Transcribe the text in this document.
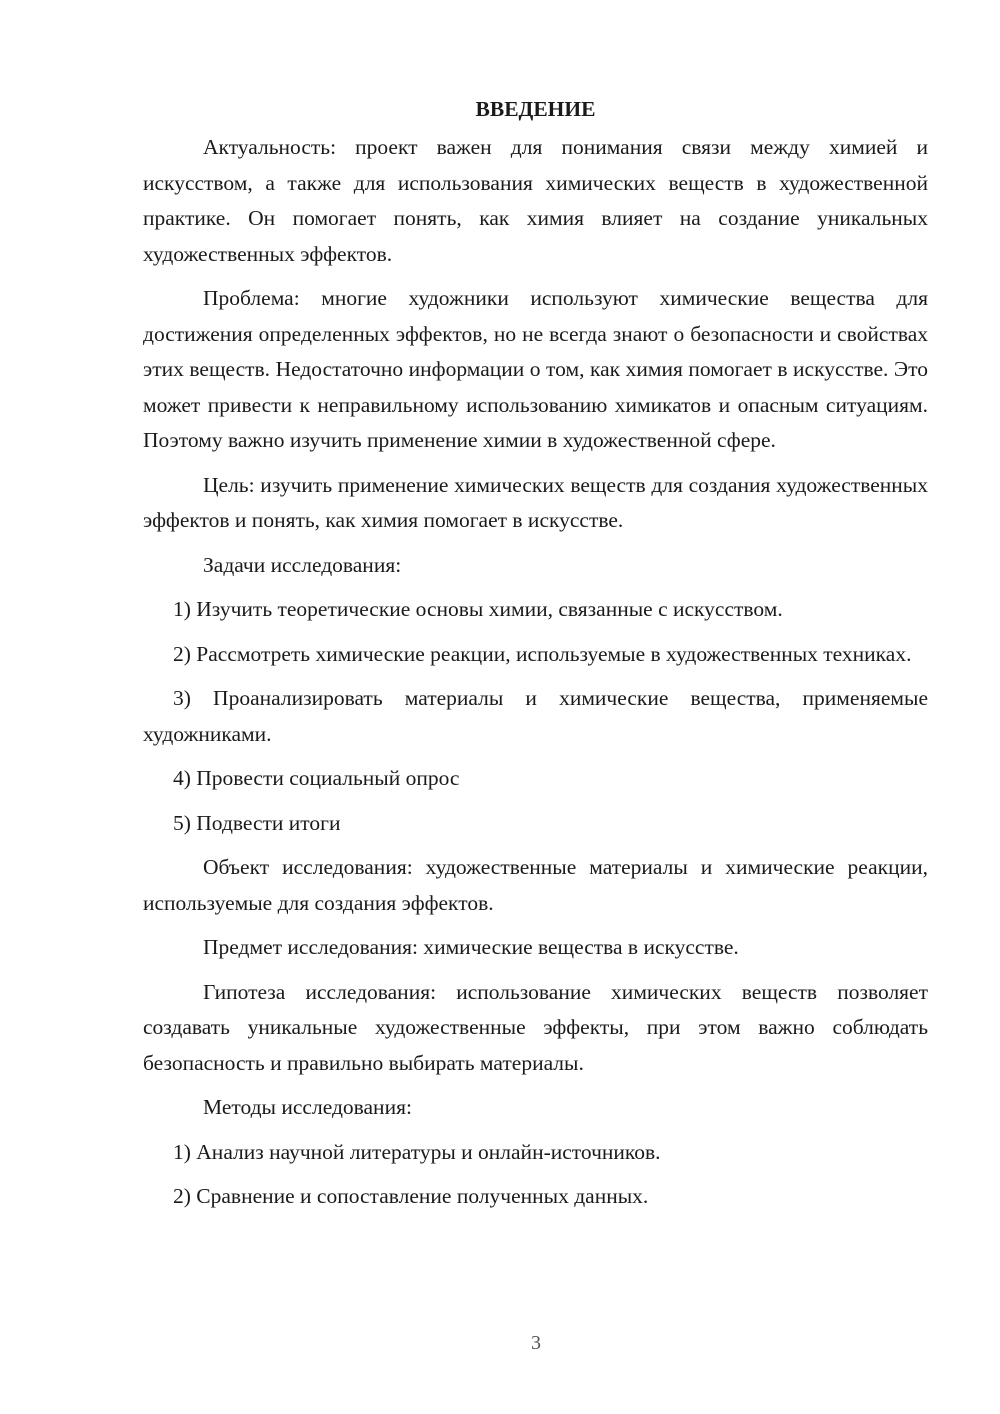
ВВЕДЕНИЕ

Актуальность: проект важен для понимания связи между химией и искусством, а также для использования химических веществ в художественной практике. Он помогает понять, как химия влияет на создание уникальных художественных эффектов.

Проблема: многие художники используют химические вещества для достижения определенных эффектов, но не всегда знают о безопасности и свойствах этих веществ. Недостаточно информации о том, как химия помогает в искусстве. Это может привести к неправильному использованию химикатов и опасным ситуациям. Поэтому важно изучить применение химии в художественной сфере.

Цель: изучить применение химических веществ для создания художественных эффектов и понять, как химия помогает в искусстве.

Задачи исследования:

1) Изучить теоретические основы химии, связанные с искусством.

2) Рассмотреть химические реакции, используемые в художественных техниках.

3) Проанализировать материалы и химические вещества, применяемые художниками.

4) Провести социальный опрос

5) Подвести итоги

Объект исследования: художественные материалы и химические реакции, используемые для создания эффектов.

Предмет исследования: химические вещества в искусстве.

Гипотеза исследования: использование химических веществ позволяет создавать уникальные художественные эффекты, при этом важно соблюдать безопасность и правильно выбирать материалы.

Методы исследования:

1) Анализ научной литературы и онлайн-источников.

2) Сравнение и сопоставление полученных данных.

3
